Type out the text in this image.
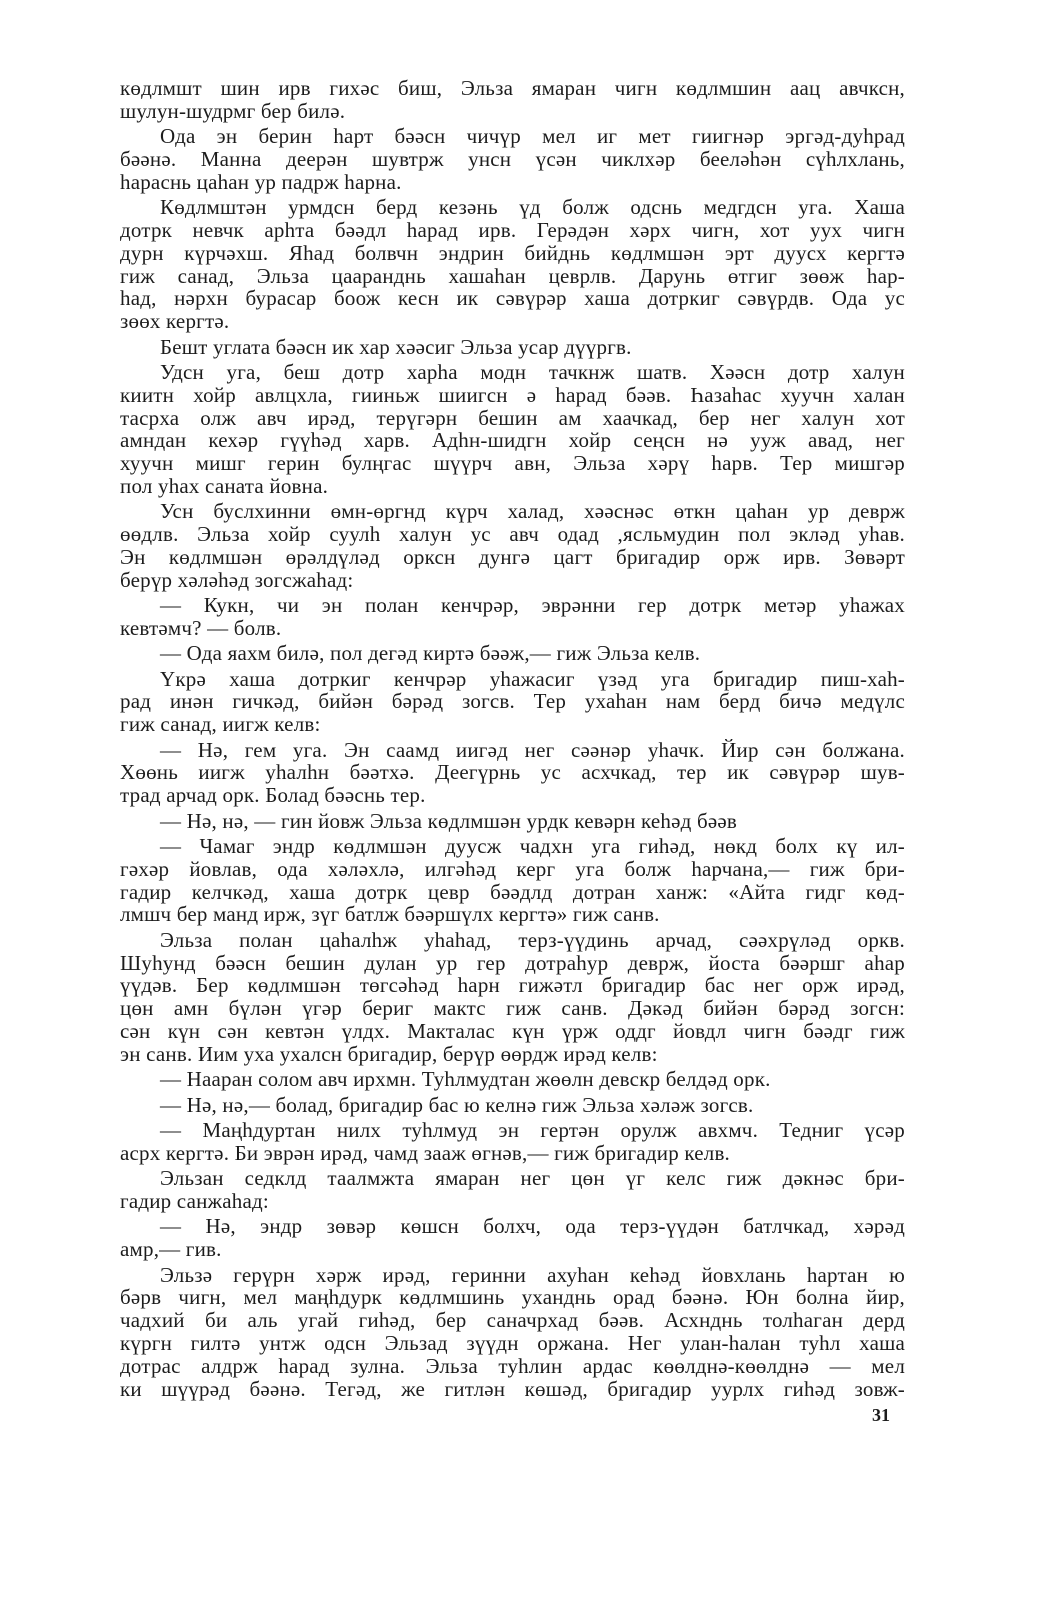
көдлмшт шин ирв гихәс биш, Эльза ямаран чигн көдлмшин аац авчксн,
шулун-шудрмг бер билә.
Ода эн берин һарт бәәсн чичүр мел иг мет гиигнәр эргәд-дуһрад
бәәнә. Манна деерән шувтрж унсн үсән чиклхәр бееләһән сүһлхлань,
һараснь цаһан ур падрж һарна.
Көдлмштән урмдсн берд кезәнь үд болж одснь медгдсн уга. Хаша
дотрк невчк арһта бәәдл һарад ирв. Герәдән хәрх чигн, хот уух чигн
дурн күрчәхш. Яһад болвчн эндрин бийднь көдлмшән эрт дуусх кергтә
гиж санад, Эльза цааранднь хашаһан цеврлв. Дарунь өтгиг зөөж һар-
һад, нәрхн бурасар боож кесн ик сәвүрәр хаша дотркиг сәвүрдв. Ода ус
зөөх кергтә.
Бешт углата бәәсн ик хар хәәсиг Эльза усар дүүргв.
Удсн уга, беш дотр харһа модн тачкнж шатв. Хәәсн дотр халун
киитн хойр авлцхла, гииньж шиигсн ә һарад бәәв. Һазаһас хуучн халан
тасрха олж авч ирәд, терүгәрн бешин ам хаачкад, бер нег халун хот
амндан кехәр гүүһәд харв. Адһн-шидгн хойр сеңсн нә ууж авад, нег
хуучн мишг герин булңгас шүүрч авн, Эльза хәрү һарв. Тер мишгәр
пол уһах саната йовна.
Усн буслхинни өмн-өргнд күрч халад, хәәснәс өткн цаһан ур деврж
өөдлв. Эльза хойр суулһ халун ус авч одад ,ясльмудин пол экләд уһав.
Эн көдлмшән өрәлдүләд орксн дунгә цагт бригадир орж ирв. Зөвәрт
берүр хәләһәд зогсжаһад:
— Кукн, чи эн полан кенчрәр, эврәнни гер дотрк метәр уһажах
кевтәмч? — болв.
— Ода яахм билә, пол дегәд киртә бәәж,— гиж Эльза келв.
Үкрә хаша дотркиг кенчрәр уһажасиг үзәд уга бригадир пиш-хаһ-
рад инән гичкәд, бийән бәрәд зогсв. Тер ухаһан нам берд бичә медүлс
гиж санад, иигж келв:
— Нә, гем уга. Эн саамд иигәд нег сәәнәр уһачк. Йир сән болжана.
Хөөнь иигж уһалһн бәәтхә. Деегүрнь ус асхчкад, тер ик сәвүрәр шув-
трад арчад орк. Болад бәәснь тер.
— Нә, нә, — гин йовж Эльза көдлмшән урдк кевәрн кеһәд бәәв
— Чамаг эндр көдлмшән дуусж чадхн уга гиһәд, нөкд болх кү ил-
гәхәр йовлав, ода хәләхлә, илгәһәд керг уга болж һарчана,— гиж бри-
гадир келчкәд, хаша дотрк цевр бәәдлд дотран ханж: «Айта гидг көд-
лмшч бер манд ирж, зүг батлж бәәршүлх кергтә» гиж санв.
Эльза полан цаһалһж уһаһад, терз-үүдинь арчад, сәәхрүләд оркв.
Шуһунд бәәсн бешин дулан ур гер дотраһур деврж, йоста бәәршг аһар
үүдәв. Бер көдлмшән төгсәһәд һарн гижәтл бригадир бас нег орж ирәд,
цөн амн бүлән үгәр бериг мактс гиж санв. Дәкәд бийән бәрәд зогсн:
сән күн сән кевтән үлдх. Макталас күн үрж оддг йовдл чигн бәәдг гиж
эн санв. Иим уха ухалсн бригадир, берүр өөрдж ирәд келв:
— Нааран солом авч ирхмн. Туһлмудтан жөөлн девскр белдәд орк.
— Нә, нә,— болад, бригадир бас ю келнә гиж Эльза хәләж зогсв.
— Маңһдуртан нилх туһлмуд эн гертән орулж авхмч. Тедниг үсәр
асрх кергтә. Би эврән ирәд, чамд зааж өгнәв,— гиж бригадир келв.
Эльзан седклд таалмжта ямаран нег цөн үг келс гиж дәкнәс бри-
гадир санжаһад:
— Нә, эндр зөвәр көшсн болхч, ода терз-үүдән батлчкад, хәрәд
амр,— гив.
Эльзә герүрн хәрж ирәд, геринни ахуһан кеһәд йовхлань һартан ю
бәрв чигн, мел маңһдурк көдлмшинь уханднь орад бәәнә. Юн болна йир,
чадхий би аль угай гиһәд, бер саначрхад бәәв. Асхнднь толһаган дерд
күргн гилтә унтж одсн Эльзад зүүдн оржана. Нег улан-һалан туһл хаша
дотрас алдрж һарад зулна. Эльза туһлин ардас көөлднә-көөлднә — мел
ки шүүрәд бәәнә. Тегәд, же гитлән көшәд, бригадир уурлх гиһәд зовж-
31
